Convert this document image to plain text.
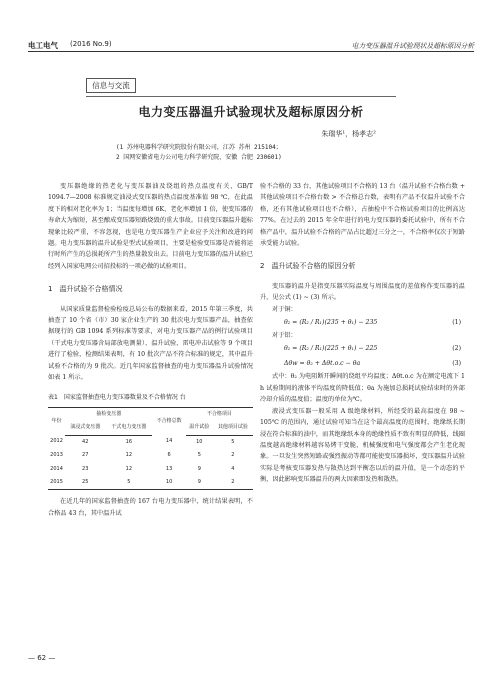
电工电气 (2016 No.9)	电力变压器温升试验现状及超标原因分析
信息与交流
电力变压器温升试验现状及超标原因分析
朱瑞华¹，杨孝志²
(1 苏州电器科学研究院股份有限公司，江苏 苏州 215104；
2 国网安徽省电力公司电力科学研究院，安徽 合肥 230601)

变压器绝缘的热老化与变压器油及绕组的热点温度有关，GB/T 1094.7—2008 标准规定油浸式变压器的热点温度基准值 98 ℃，在此温度下的相对老化率为 1；当温度每增加 6K，老化率增加 1 倍，使变压器的寿命大为缩短，甚至酿成变压器短路烧毁的重大事故。目前变压器温升超标现象比较严重，不容忽视，也是电力变压器生产企业应予关注和改进的问题。电力变压器的温升试验是型式试验项目，主要是检验变压器是否能将运行时所产生的总损耗所产生的热量散发出去。目前电力变压器的温升试验已经列入国家电网公司招投标的一项必做的试验项目。

1　温升试验不合格情况

从国家质量监督检验检疫总局公布的数据来看，2015 年第三季度，共抽查了 10 个省（市）30 家企业生产的 30 批次电力变压器产品，抽查依据现行的 GB 1094 系列标准等要求，对电力变压器产品的例行试验项目（干式电力变压器含局部放电测量）、温升试验、雷电冲击试验等 9 个项目进行了检验，检测结果表明，有 10 批次产品不符合标准的规定，其中温升试验不合格的为 9 批次。近几年国家监督抽查的电力变压器温升试验情况如表 1 所示。

表1　国家监督抽查电力变压器数量及不合格情况 台
年份	抽检变压器		不合格总数	不合格项目	
	油浸式变压器	干式电力变压器		温升试验	其他项目试验
2012	42	16	14	10	5
2013	27	12	6	5	2
2014	23	12	13	9	4
2015	25	5	10	9	2

在近几年的国家监督抽查的 167 台电力变压器中，统计结果表明，不合格品 43 台，其中温升试

验不合格的 33 台，其他试验项目不合格的 13 台（温升试验不合格台数 + 其他试验项目不合格台数 > 不合格总台数，表明有产品不仅温升试验不合格，还有其他试验项目也不合格），占抽检中不合格试验项目的比例高达 77%。在过去的 2015 年全年进行的电力变压器的委托试验中，所有不合格产品中，温升试验不合格的产品占比超过三分之一，不合格率仅次于短路承受能力试验。

2　温升试验不合格的原因分析

变压器的温升是指变压器实际温度与周围温度的差值称作变压器的温升，见公式 (1) ~ (3) 所示。

对于铜：

θ₂ = (R₂ / R₁)(235 + θ₁) − 235	(1)

对于铝：

θ₂ = (R₂ / R₁)(225 + θ₁) − 225	(2)
Δθw = θ₂ + Δθt.o.c − θa	(3)

式中：θ₂ 为电阻断开瞬间的绕组平均温度；Δθt.o.c 为在额定电流下 1 h 试验期间的液体平均温度的降低值；θa 为施加总损耗试验结束时的外部冷却介质的温度值；温度的单位为℃。

液浸式变压器一般采用 A 级绝缘材料，所经受的最高温度在 98 ~ 105℃ 的范围内，通过试验可知当在这个最高温度的范围时，绝缘纸长期浸在符合标准的油中，而其绝缘纸本身的绝缘性质不致有明显的降低，线圈温度越高绝缘材料越容易烤干变脆，机械强度和电气强度都会产生老化现象。一旦发生突然短路或强烈振动等都可能使变压器损坏，变压器温升试验实际是考核变压器发热与散热达到平衡态以后的温升值，是一个动态的平衡，因此影响变压器温升的两大因素即发热和散热。

— 62 —
